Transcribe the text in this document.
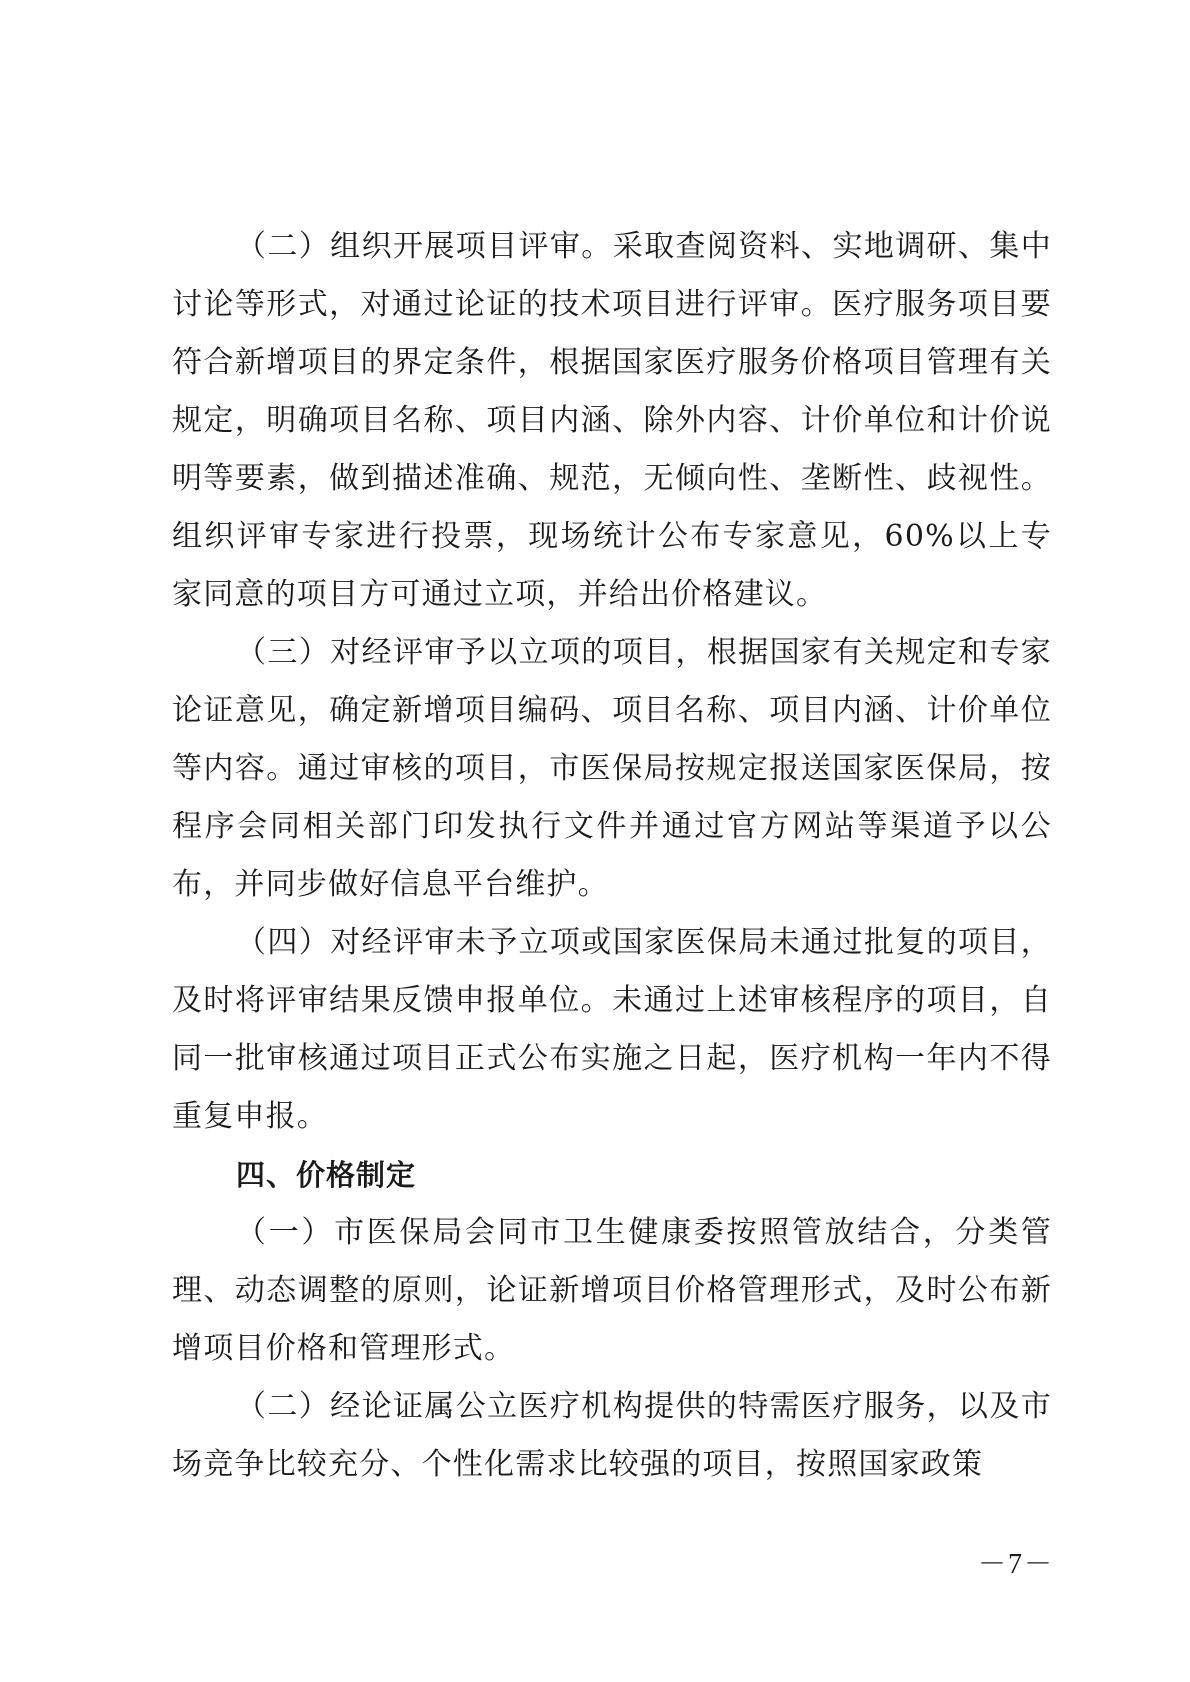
（二）组织开展项目评审。采取查阅资料、实地调研、集中讨论等形式，对通过论证的技术项目进行评审。医疗服务项目要符合新增项目的界定条件，根据国家医疗服务价格项目管理有关规定，明确项目名称、项目内涵、除外内容、计价单位和计价说明等要素，做到描述准确、规范，无倾向性、垄断性、歧视性。组织评审专家进行投票，现场统计公布专家意见，60%以上专家同意的项目方可通过立项，并给出价格建议。

（三）对经评审予以立项的项目，根据国家有关规定和专家论证意见，确定新增项目编码、项目名称、项目内涵、计价单位等内容。通过审核的项目，市医保局按规定报送国家医保局，按程序会同相关部门印发执行文件并通过官方网站等渠道予以公布，并同步做好信息平台维护。

（四）对经评审未予立项或国家医保局未通过批复的项目，及时将评审结果反馈申报单位。未通过上述审核程序的项目，自同一批审核通过项目正式公布实施之日起，医疗机构一年内不得重复申报。

四、价格制定

（一）市医保局会同市卫生健康委按照管放结合，分类管理、动态调整的原则，论证新增项目价格管理形式，及时公布新增项目价格和管理形式。

（二）经论证属公立医疗机构提供的特需医疗服务，以及市场竞争比较充分、个性化需求比较强的项目，按照国家政策

－7－
